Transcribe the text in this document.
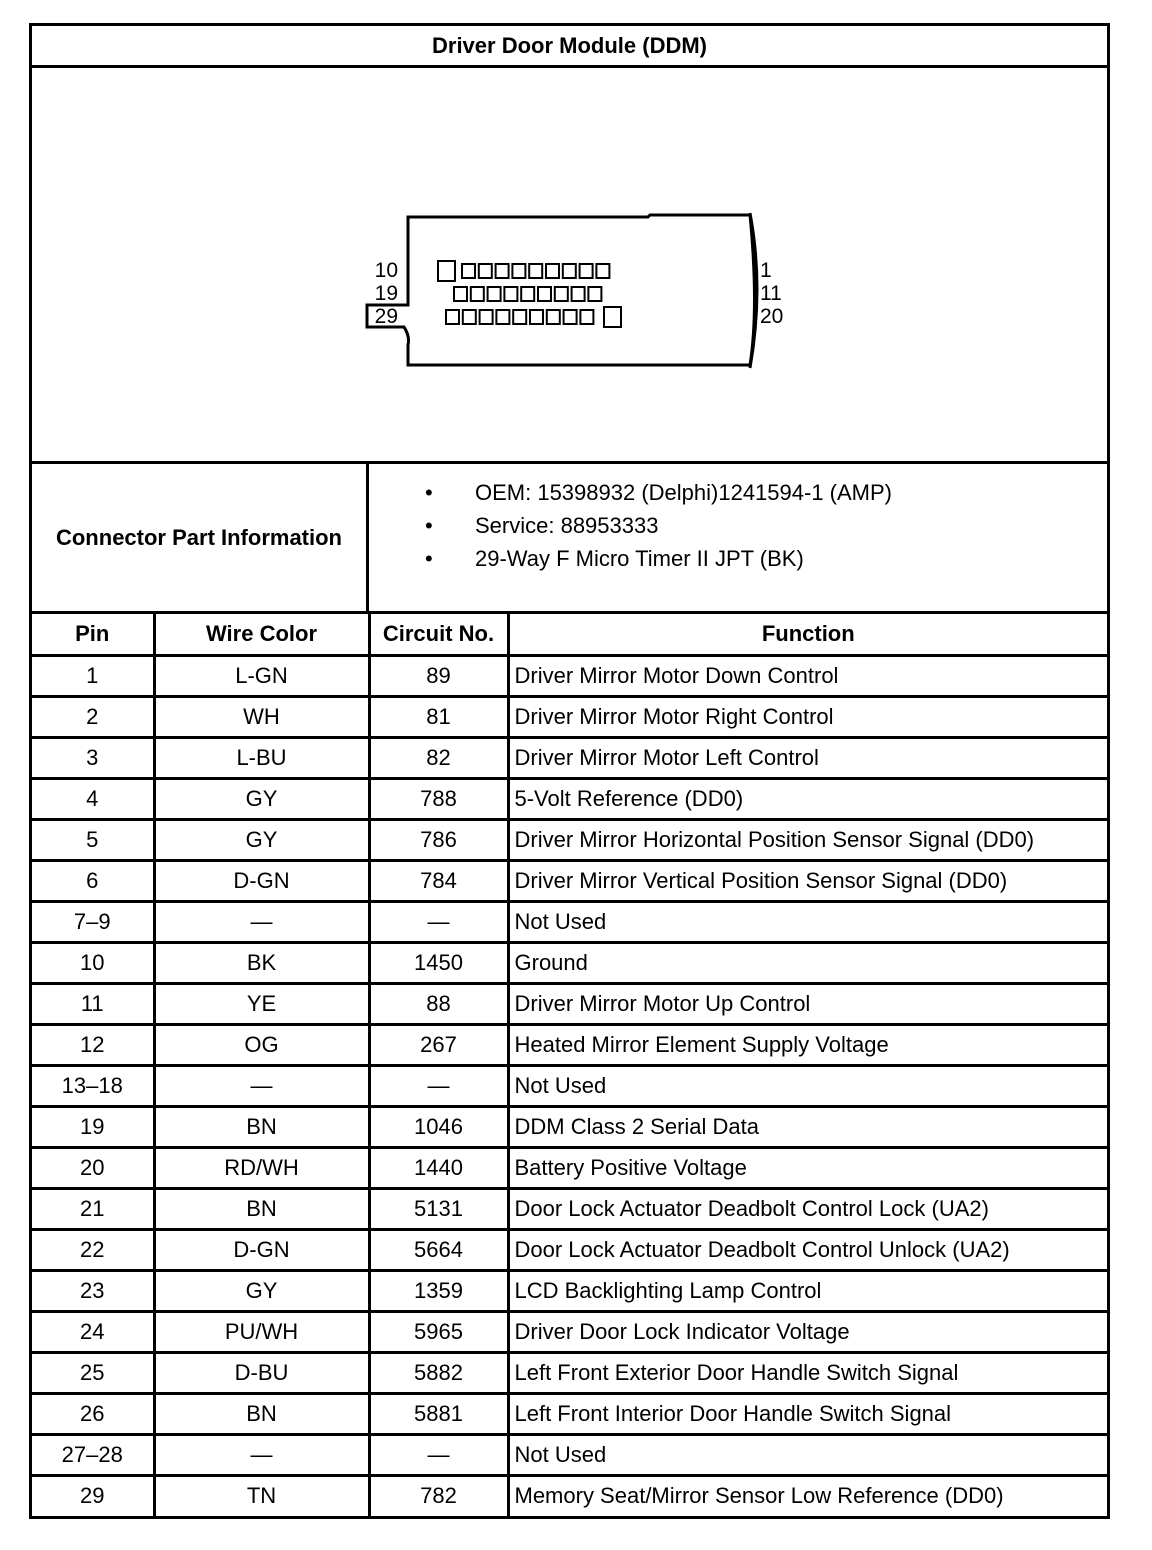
Driver Door Module (DDM)
10
19
29
1
11
20
Connector Part Information
• OEM: 15398932 (Delphi)1241594-1 (AMP)
• Service: 88953333
• 29-Way F Micro Timer II JPT (BK)
Pin	Wire Color	Circuit No.	Function
1	L-GN	89	Driver Mirror Motor Down Control
2	WH	81	Driver Mirror Motor Right Control
3	L-BU	82	Driver Mirror Motor Left Control
4	GY	788	5-Volt Reference (DD0)
5	GY	786	Driver Mirror Horizontal Position Sensor Signal (DD0)
6	D-GN	784	Driver Mirror Vertical Position Sensor Signal (DD0)
7–9	—	—	Not Used
10	BK	1450	Ground
11	YE	88	Driver Mirror Motor Up Control
12	OG	267	Heated Mirror Element Supply Voltage
13–18	—	—	Not Used
19	BN	1046	DDM Class 2 Serial Data
20	RD/WH	1440	Battery Positive Voltage
21	BN	5131	Door Lock Actuator Deadbolt Control Lock (UA2)
22	D-GN	5664	Door Lock Actuator Deadbolt Control Unlock (UA2)
23	GY	1359	LCD Backlighting Lamp Control
24	PU/WH	5965	Driver Door Lock Indicator Voltage
25	D-BU	5882	Left Front Exterior Door Handle Switch Signal
26	BN	5881	Left Front Interior Door Handle Switch Signal
27–28	—	—	Not Used
29	TN	782	Memory Seat/Mirror Sensor Low Reference (DD0)
